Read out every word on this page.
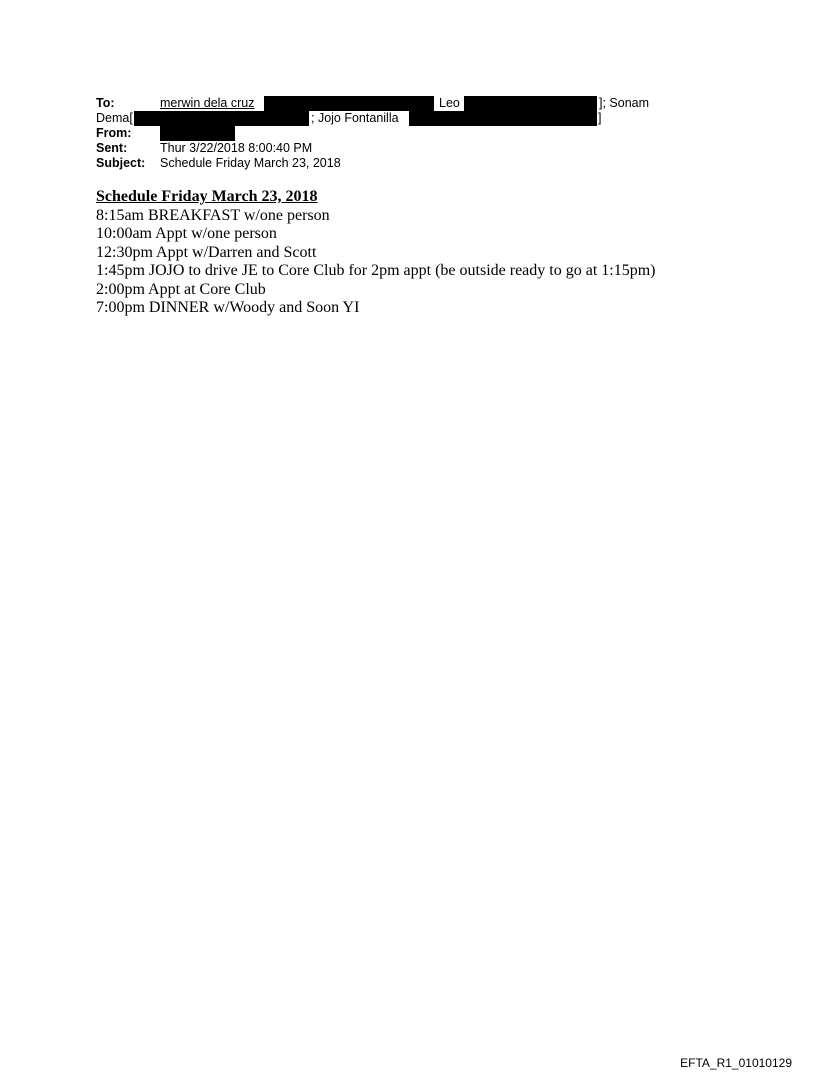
To:	merwin dela cruz	Leo	]; Sonam
Dema[	; Jojo Fontanilla	]
From:
Sent:	Thur 3/22/2018 8:00:40 PM
Subject: Schedule Friday March 23, 2018
Schedule Friday March 23, 2018
8:15am BREAKFAST w/one person
10:00am Appt w/one person
12:30pm Appt w/Darren and Scott
1:45pm JOJO to drive JE to Core Club for 2pm appt (be outside ready to go at 1:15pm)
2:00pm Appt at Core Club
7:00pm DINNER w/Woody and Soon YI
EFTA_R1_01010129
